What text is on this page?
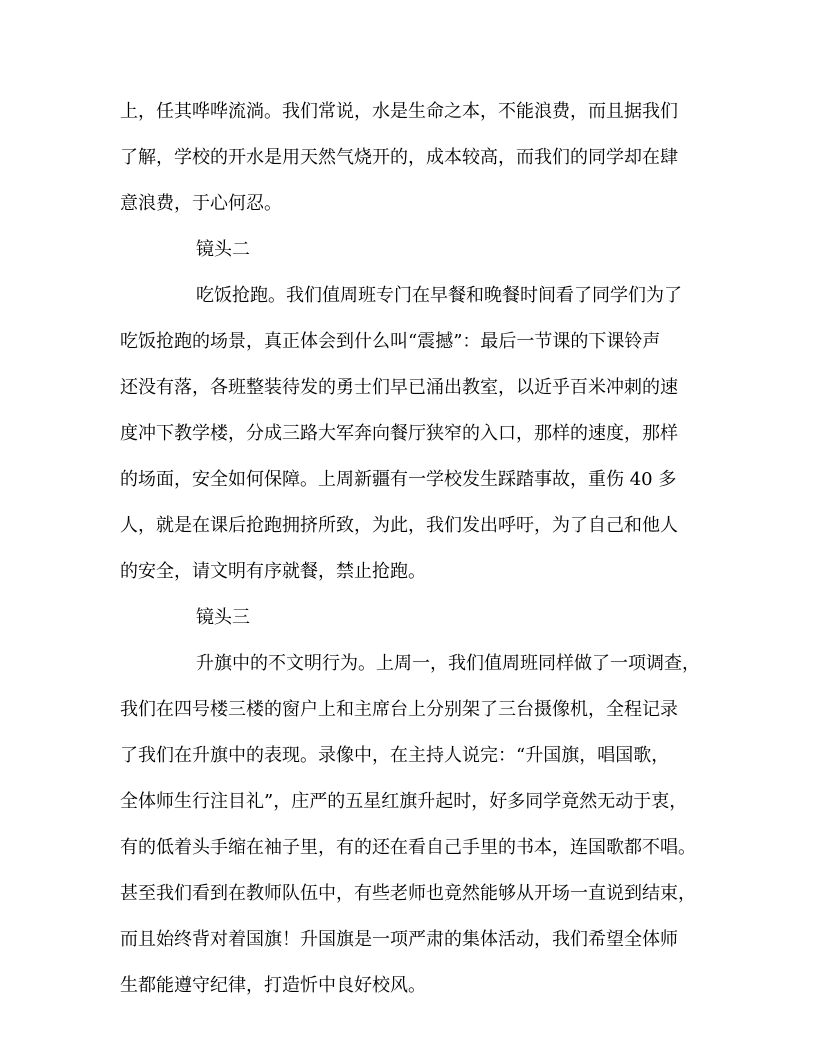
上，任其哗哗流淌。我们常说，水是生命之本，不能浪费，而且据我们
了解，学校的开水是用天然气烧开的，成本较高，而我们的同学却在肆
意浪费，于心何忍。
镜头二
吃饭抢跑。我们值周班专门在早餐和晚餐时间看了同学们为了
吃饭抢跑的场景，真正体会到什么叫“震撼”：最后一节课的下课铃声
还没有落，各班整装待发的勇士们早已涌出教室，以近乎百米冲刺的速
度冲下教学楼，分成三路大军奔向餐厅狭窄的入口，那样的速度，那样
的场面，安全如何保障。上周新疆有一学校发生踩踏事故，重伤 40 多
人，就是在课后抢跑拥挤所致，为此，我们发出呼吁，为了自己和他人
的安全，请文明有序就餐，禁止抢跑。
镜头三
升旗中的不文明行为。上周一，我们值周班同样做了一项调查，
我们在四号楼三楼的窗户上和主席台上分别架了三台摄像机，全程记录
了我们在升旗中的表现。录像中，在主持人说完：“升国旗，唱国歌，
全体师生行注目礼”，庄严的五星红旗升起时，好多同学竟然无动于衷，
有的低着头手缩在袖子里，有的还在看自己手里的书本，连国歌都不唱。
甚至我们看到在教师队伍中，有些老师也竟然能够从开场一直说到结束，
而且始终背对着国旗！升国旗是一项严肃的集体活动，我们希望全体师
生都能遵守纪律，打造忻中良好校风。
